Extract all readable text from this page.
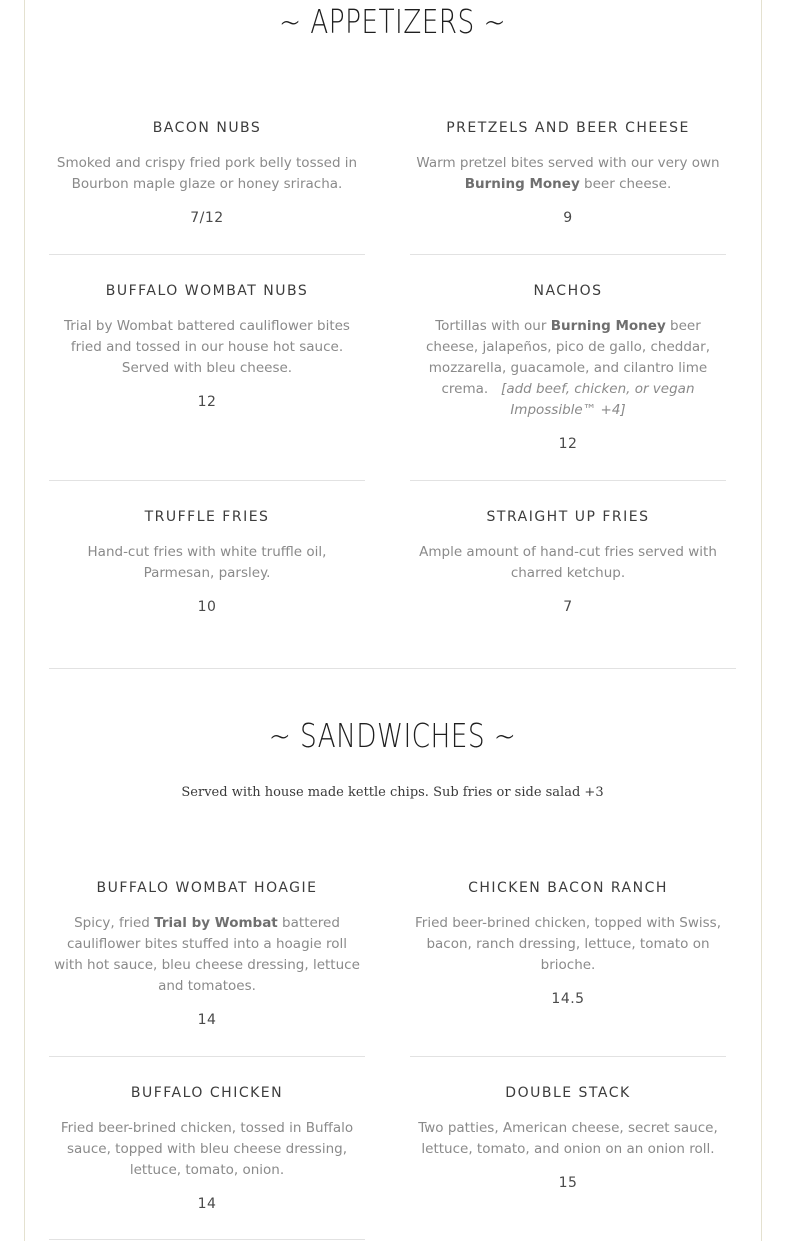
~ APPETIZERS ~
BACON NUBS
Smoked and crispy fried pork belly tossed in Bourbon maple glaze or honey sriracha.
7/12
PRETZELS AND BEER CHEESE
Warm pretzel bites served with our very own Burning Money beer cheese.
9
BUFFALO WOMBAT NUBS
Trial by Wombat battered cauliflower bites fried and tossed in our house hot sauce. Served with bleu cheese.
12
NACHOS
Tortillas with our Burning Money beer cheese, jalapeños, pico de gallo, cheddar, mozzarella, guacamole, and cilantro lime crema. [add beef, chicken, or vegan Impossible™ +4]
12
TRUFFLE FRIES
Hand-cut fries with white truffle oil, Parmesan, parsley.
10
STRAIGHT UP FRIES
Ample amount of hand-cut fries served with charred ketchup.
7
~ SANDWICHES ~
Served with house made kettle chips. Sub fries or side salad +3
BUFFALO WOMBAT HOAGIE
Spicy, fried Trial by Wombat battered cauliflower bites stuffed into a hoagie roll with hot sauce, bleu cheese dressing, lettuce and tomatoes.
14
CHICKEN BACON RANCH
Fried beer-brined chicken, topped with Swiss, bacon, ranch dressing, lettuce, tomato on brioche.
14.5
BUFFALO CHICKEN
Fried beer-brined chicken, tossed in Buffalo sauce, topped with bleu cheese dressing, lettuce, tomato, onion.
14
DOUBLE STACK
Two patties, American cheese, secret sauce, lettuce, tomato, and onion on an onion roll.
15
